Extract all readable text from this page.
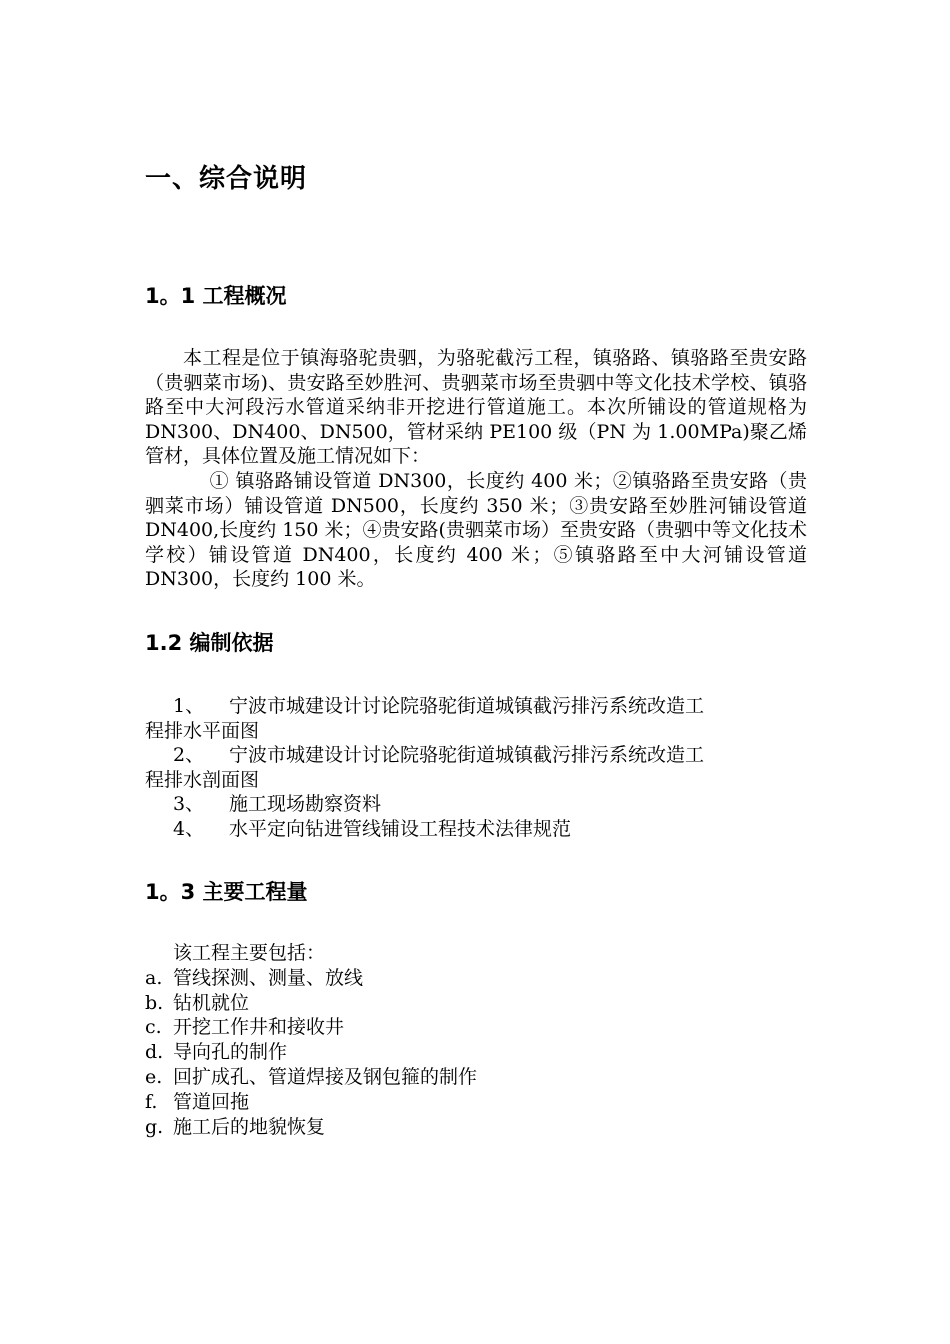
一、综合说明
1。1 工程概况

本工程是位于镇海骆驼贵驷，为骆驼截污工程，镇骆路、镇骆路至贵安路（贵驷菜市场)、贵安路至妙胜河、贵驷菜市场至贵驷中等文化技术学校、镇骆路至中大河段污水管道采纳非开挖进行管道施工。本次所铺设的管道规格为 DN300、DN400、DN500，管材采纳 PE100 级（PN 为 1.00MPa)聚乙烯管材，具体位置及施工情况如下：

① 镇骆路铺设管道 DN300，长度约 400 米；②镇骆路至贵安路（贵驷菜市场）铺设管道 DN500，长度约 350 米；③贵安路至妙胜河铺设管道 DN400,长度约 150 米；④贵安路(贵驷菜市场）至贵安路（贵驷中等文化技术学校）铺设管道 DN400，长度约 400 米；⑤镇骆路至中大河铺设管道 DN300，长度约 100 米。

1.2 编制依据
1、 宁波市城建设计讨论院骆驼街道城镇截污排污系统改造工
程排水平面图
2、 宁波市城建设计讨论院骆驼街道城镇截污排污系统改造工
程排水剖面图
3、 施工现场勘察资料
4、 水平定向钻进管线铺设工程技术法律规范
1。3 主要工程量
该工程主要包括：
a. 管线探测、测量、放线
b. 钻机就位
c. 开挖工作井和接收井
d. 导向孔的制作
e. 回扩成孔、管道焊接及钢包箍的制作
f. 管道回拖
g. 施工后的地貌恢复
